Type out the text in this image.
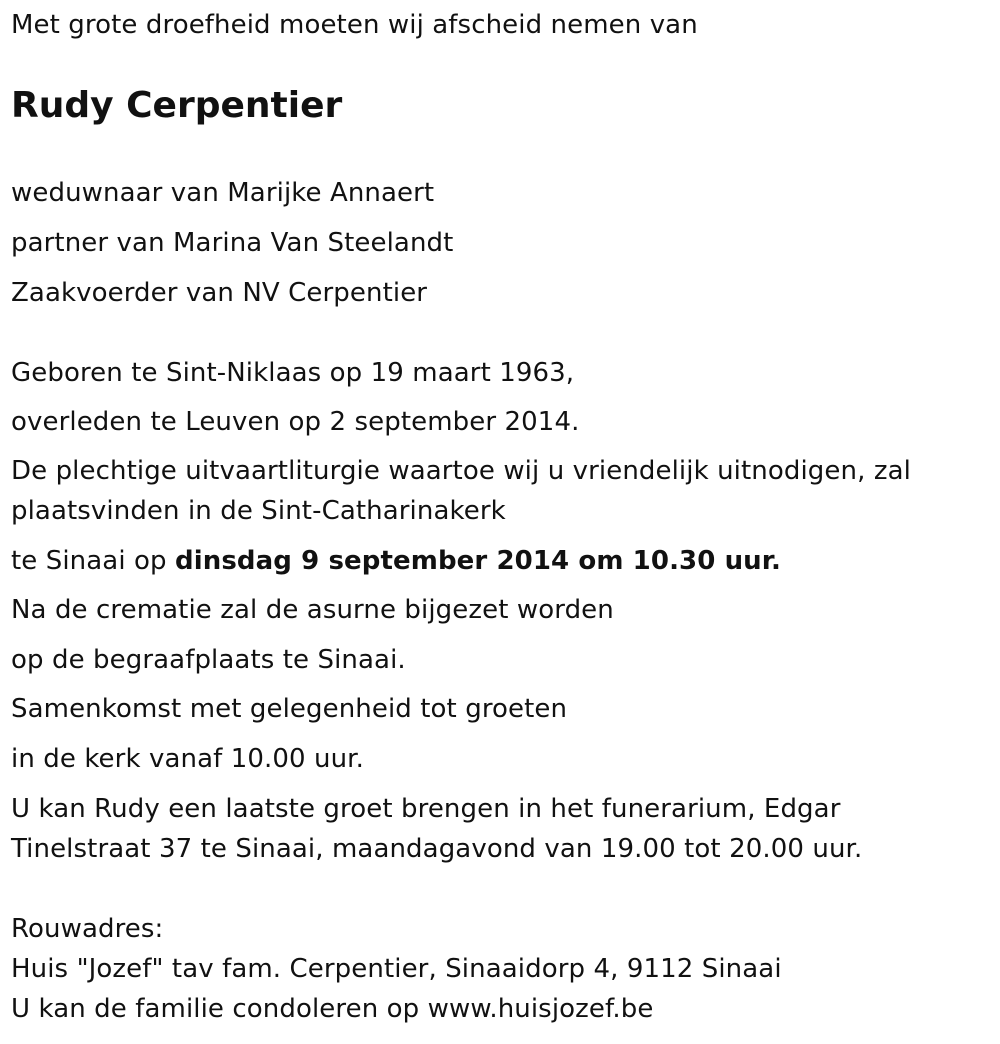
Met grote droefheid moeten wij afscheid nemen van

Rudy Cerpentier

weduwnaar van Marijke Annaert

partner van Marina Van Steelandt

Zaakvoerder van NV Cerpentier

Geboren te Sint-Niklaas op 19 maart 1963,

overleden te Leuven op 2 september 2014.

De plechtige uitvaartliturgie waartoe wij u vriendelijk uitnodigen, zal

plaatsvinden in de Sint-Catharinakerk

te Sinaai op dinsdag 9 september 2014 om 10.30 uur.

Na de crematie zal de asurne bijgezet worden

op de begraafplaats te Sinaai.

Samenkomst met gelegenheid tot groeten

in de kerk vanaf 10.00 uur.

U kan Rudy een laatste groet brengen in het funerarium, Edgar

Tinelstraat 37 te Sinaai, maandagavond van 19.00 tot 20.00 uur.

Rouwadres:

Huis "Jozef" tav fam. Cerpentier, Sinaaidorp 4, 9112 Sinaai

U kan de familie condoleren op www.huisjozef.be
